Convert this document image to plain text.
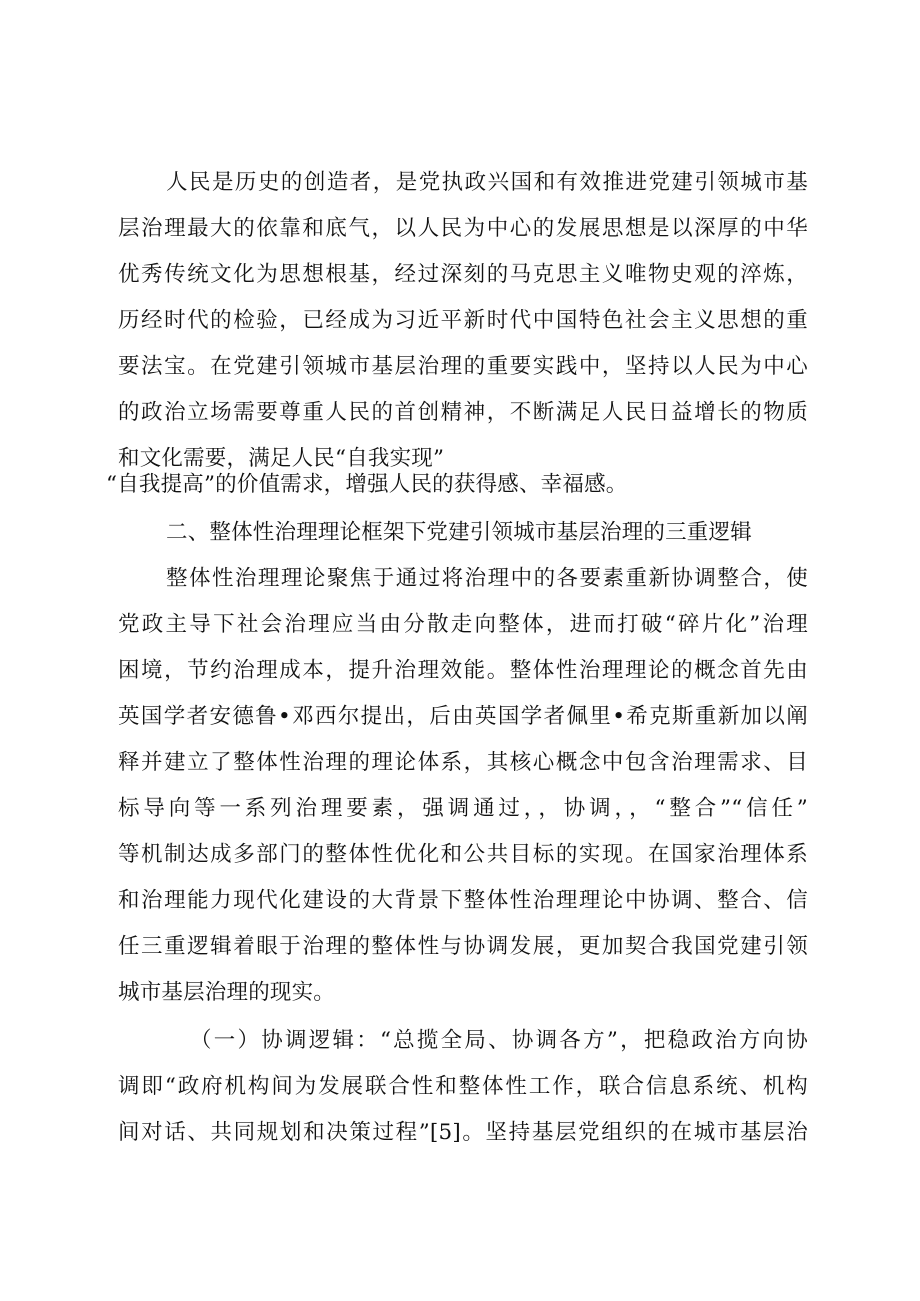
人民是历史的创造者，是党执政兴国和有效推进党建引领城市基
层治理最大的依靠和底气，以人民为中心的发展思想是以深厚的中华
优秀传统文化为思想根基，经过深刻的马克思主义唯物史观的淬炼，
历经时代的检验，已经成为习近平新时代中国特色社会主义思想的重
要法宝。在党建引领城市基层治理的重要实践中，坚持以人民为中心
的政治立场需要尊重人民的首创精神，不断满足人民日益增长的物质
和文化需要，满足人民“自我实现”
“自我提高”的价值需求，增强人民的获得感、幸福感。
二、整体性治理理论框架下党建引领城市基层治理的三重逻辑
整体性治理理论聚焦于通过将治理中的各要素重新协调整合，使
党政主导下社会治理应当由分散走向整体，进而打破“碎片化”治理
困境，节约治理成本，提升治理效能。整体性治理理论的概念首先由
英国学者安德鲁•邓西尔提出，后由英国学者佩里•希克斯重新加以阐
释并建立了整体性治理的理论体系，其核心概念中包含治理需求、目
标导向等一系列治理要素，强调通过，，协调，，“整合”“信任”
等机制达成多部门的整体性优化和公共目标的实现。在国家治理体系
和治理能力现代化建设的大背景下整体性治理理论中协调、整合、信
任三重逻辑着眼于治理的整体性与协调发展，更加契合我国党建引领
城市基层治理的现实。
（一）协调逻辑：“总揽全局、协调各方”，把稳政治方向协
调即“政府机构间为发展联合性和整体性工作，联合信息系统、机构
间对话、共同规划和决策过程”[5]。坚持基层党组织的在城市基层治
